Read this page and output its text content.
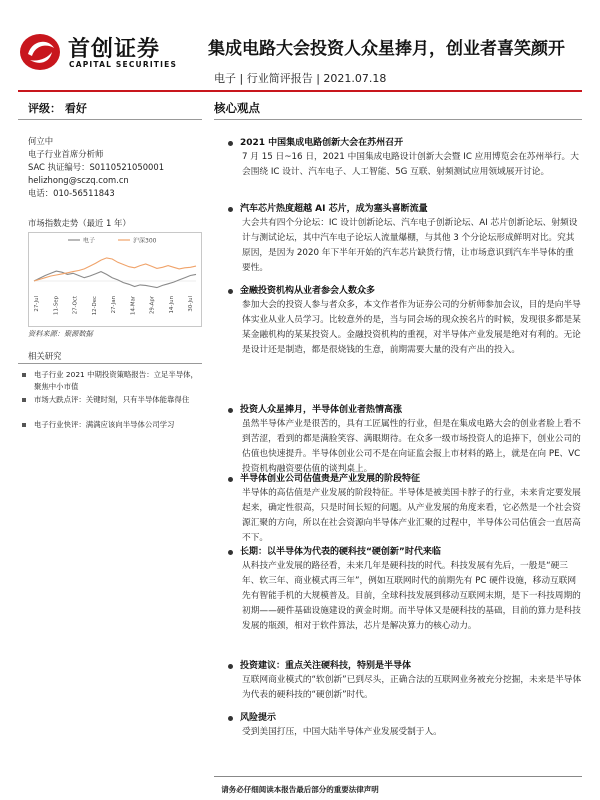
首创证券
CAPITAL SECURITIES
集成电路大会投资人众星捧月，创业者喜笑颜开
电子 | 行业简评报告 | 2021.07.18
评级： 看好	核心观点
何立中
电子行业首席分析师
SAC 执证编号：S0110521050001
helizhong@sczq.com.cn
电话：010-56511843
市场指数走势（最近 1 年）
电子	沪深300
27-Jul 11-Sep 27-Oct 12-Dec 27-Jan 14-Mar 29-Apr 14-Jun 30-Jul
资料来源：聚源数据
相关研究
电子行业 2021 中期投资策略报告：立足半导体，聚焦中小市值
市场大跌点评：关键时刻，只有半导体能靠得住
电子行业快评：满满应该向半导体公司学习
2021 中国集成电路创新大会在苏州召开
7 月 15 日~16 日，2021 中国集成电路设计创新大会暨 IC 应用博览会在苏州举行。大会围绕 IC 设计、汽车电子、人工智能、5G 互联、射频测试应用领域展开讨论。
汽车芯片热度超越 AI 芯片，成为塞头喜断流量
大会共有四个分论坛：IC 设计创新论坛、汽车电子创新论坛、AI 芯片创新论坛、射频设计与测试论坛，其中汽车电子论坛人流量爆棚，与其他 3 个分论坛形成鲜明对比。究其原因，是因为 2020 年下半年开始的汽车芯片缺货行情，让市场意识到汽车半导体的重要性。
金融投资机构从业者参会人数众多
参加大会的投资人参与者众多，本文作者作为证券公司的分析师参加会议，目的是向半导体实业从业人员学习。比较意外的是，当与同会场的现众挨名片的时候，发现很多都是某某金融机构的某某投资人。金融投资机构的重视，对半导体产业发展是绝对有利的。无论是设计还是制造，都是很烧钱的生意，前期需要大量的没有产出的投入。
投资人众星捧月，半导体创业者热情高涨
虽然半导体产业是很苦的，具有工匠属性的行业，但是在集成电路大会的创业者脸上看不到苦涩，看到的都是满脸笑容、满眼期待。在众多一级市场投资人的追捧下，创业公司的估值也快速提升。半导体创业公司不是在向证监会报上市材料的路上，就是在向 PE、VC 投资机构融资要估值的谈判桌上。
半导体创业公司估值贵是产业发展的阶段特征
半导体的高估值是产业发展的阶段特征。半导体是被美国卡脖子的行业，未来肯定要发展起来，确定性很高，只是时间长短的问题。从产业发展的角度来看，它必然是一个社会资源汇聚的方向，所以在社会资源向半导体产业汇聚的过程中，半导体公司估值会一直居高不下。
长期：以半导体为代表的硬科技“硬创新”时代来临
从科技产业发展的路径看，未来几年是硬科技的时代。科技发展有先后，一般是“硬三年、软三年、商业模式再三年”，例如互联网时代的前期先有 PC 硬件设施，移动互联网先有智能手机的大规模普及。目前，全球科技发展到移动互联网末期，是下一科技周期的初期——硬件基础设施建设的黄金时期。而半导体又是硬科技的基础，目前的算力是科技发展的瓶颈，相对于软件算法，芯片是解决算力的核心动力。
投资建议：重点关注硬科技，特别是半导体
互联网商业模式的“软创新”已到尽头，正确合法的互联网业务被充分挖掘，未来是半导体为代表的硬科技的“硬创新”时代。
风险提示
受到美国打压，中国大陆半导体产业发展受制于人。
请务必仔细阅读本报告最后部分的重要法律声明
